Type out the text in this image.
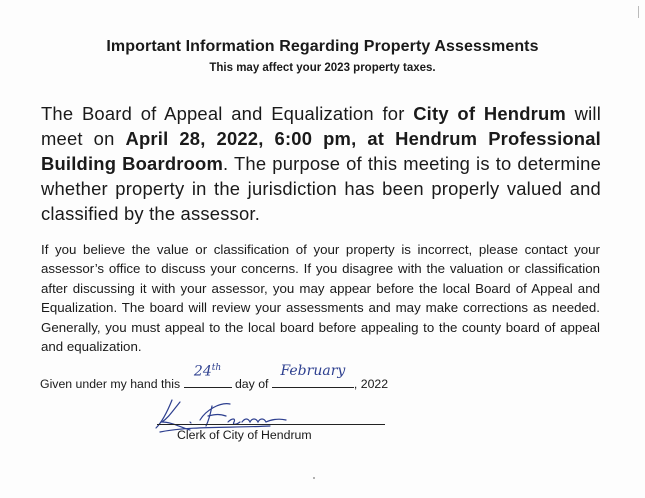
Important Information Regarding Property Assessments
This may affect your 2023 property taxes.
The Board of Appeal and Equalization for City of Hendrum will meet on April 28, 2022, 6:00 pm, at Hendrum Professional Building Boardroom. The purpose of this meeting is to determine whether property in the jurisdiction has been properly valued and classified by the assessor.
If you believe the value or classification of your property is incorrect, please contact your assessor’s office to discuss your concerns. If you disagree with the valuation or classification after discussing it with your assessor, you may appear before the local Board of Appeal and Equalization. The board will review your assessments and may make corrections as needed. Generally, you must appeal to the local board before appealing to the county board of appeal and equalization.
Given under my hand this
24th
day of
February
, 2022
Clerk of City of Hendrum
